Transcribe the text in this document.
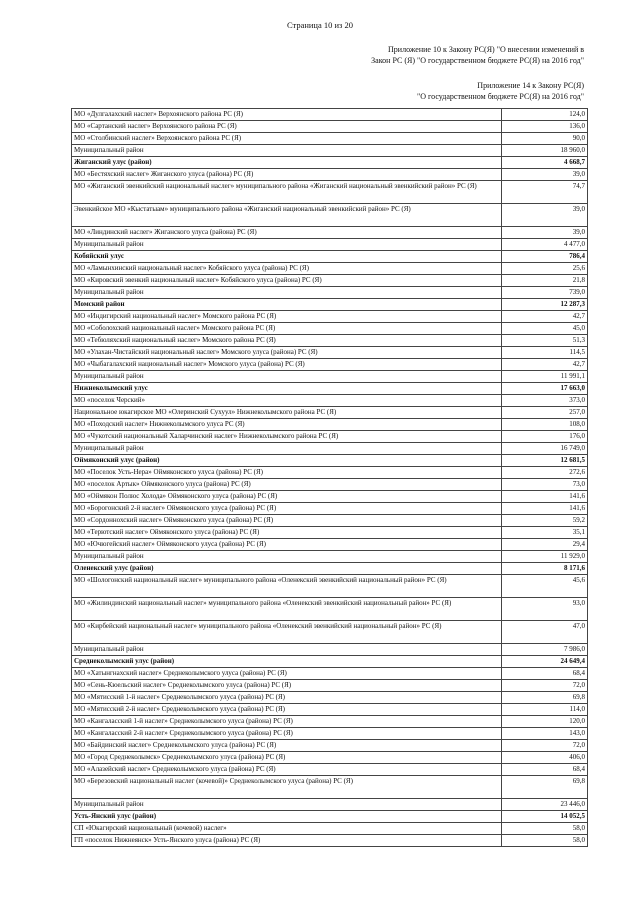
Страница 10 из 20
Приложение 10 к Закону РС(Я) "О внесении изменений в
Закон РС (Я) "О государственном бюджете РС(Я) на 2016 год"
Приложение 14 к Закону РС(Я)
"О государственном бюджете РС(Я) на 2016 год"
МО «Дулгалахский наслег» Верхоянского района РС (Я)	124,0
МО «Сартанский наслег» Верхоянского района РС (Я)	136,0
МО «Столбинский наслег» Верхоянского района РС (Я)	90,0
Муниципальный район	18 960,0
Жиганский улус (район)	4 668,7
МО «Бестяхский наслег» Жиганского улуса (района) РС (Я)	39,0
МО «Жиганский эвенкийский национальный наслег» муниципального района «Жиганский национальный эвенкийский район» РС (Я)	74,7
Эвенкийское МО «Кыстатыам» муниципального района «Жиганский национальный эвенкийский район» РС (Я)	39,0
МО «Линдинский наслег» Жиганского улуса (района) РС (Я)	39,0
Муниципальный район	4 477,0
Кобяйский улус	786,4
МО «Ламынхинский национальный наслег» Кобяйского улуса (района) РС (Я)	25,6
МО «Кировский эвенкий национальный наслег» Кобяйского улуса (района) РС (Я)	21,8
Муниципальный район	739,0
Момский район	12 287,3
МО «Индигирский национальный наслег» Момского района РС (Я)	42,7
МО «Соболохский национальный наслег» Момского района РС (Я)	45,0
МО «Тебюляхский национальный наслег» Момского района РС (Я)	51,3
МО «Улахан-Чистайский национальный наслег» Момского улуса (района) РС (Я)	114,5
МО «Чыбагалахский национальный наслег» Момского улуса (района) РС (Я)	42,7
Муниципальный район	11 991,1
Нижнеколымский улус	17 663,0
МО «поселок Черский»	373,0
Национальное юкагирское МО «Олеринский Сухуул» Нижнеколымского района РС (Я)	257,0
МО «Походский наслег» Нижнеколымского улуса РС (Я)	108,0
МО «Чукотский национальный Халарчинский наслег» Нижнеколымского района РС (Я)	176,0
Муниципальный район	16 749,0
Оймяконский улус (район)	12 681,5
МО «Поселок Усть-Нера» Оймяконского улуса (района) РС (Я)	272,6
МО «поселок Артык» Оймяконского улуса (района) РС (Я)	73,0
МО «Оймякон Полюс Холода» Оймяконского улуса (района) РС (Я)	141,6
МО «Борогонский 2-й наслег» Оймяконского улуса (района) РС (Я)	141,6
МО «Сордоннохский наслег» Оймяконского улуса (района) РС (Я)	59,2
МО «Терютский наслег» Оймяконского улуса (района) РС (Я)	35,1
МО «Ючюгейский наслег» Оймяконского улуса (района) РС (Я)	29,4
Муниципальный район	11 929,0
Оленекский улус (район)	8 171,6
МО «Шологонский национальный наслег» муниципального района «Оленекский эвенкийский национальный район» РС (Я)	45,6
МО «Жилиндинский национальный наслег» муниципального района «Оленекский эвенкийский национальный район» РС (Я)	93,0
МО «Кирбейский национальный наслег» муниципального района «Оленекский эвенкийский национальный район» РС (Я)	47,0
Муниципальный район	7 986,0
Среднеколымский улус (район)	24 649,4
МО «Хатынгнахский наслег» Среднеколымского улуса (района) РС (Я)	68,4
МО «Сень-Кюельский наслег» Среднеколымского улуса (района) РС (Я)	72,0
МО «Мятисский 1-й наслег» Среднеколымского улуса (района) РС (Я)	69,8
МО «Мятисский 2-й наслег» Среднеколымского улуса (района) РС (Я)	114,0
МО «Кангаласский 1-й наслег» Среднеколымского улуса (района) РС (Я)	120,0
МО «Кангаласский 2-й наслег» Среднеколымского улуса (района) РС (Я)	143,0
МО «Байдинский наслег» Среднеколымского улуса (района) РС (Я)	72,0
МО «Город Среднеколымск» Среднеколымского улуса (района) РС (Я)	406,0
МО «Алазейский наслег» Среднеколымского улуса (района) РС (Я)	68,4
МО «Березовский национальный наслег (кочевой)» Среднеколымского улуса (района) РС (Я)	69,8
Муниципальный район	23 446,0
Усть-Янский улус (район)	14 052,5
СП «Юкагирский национальный (кочевой) наслег»	58,0
ГП «поселок Нижнеянск» Усть-Янского улуса (района) РС (Я)	58,0
